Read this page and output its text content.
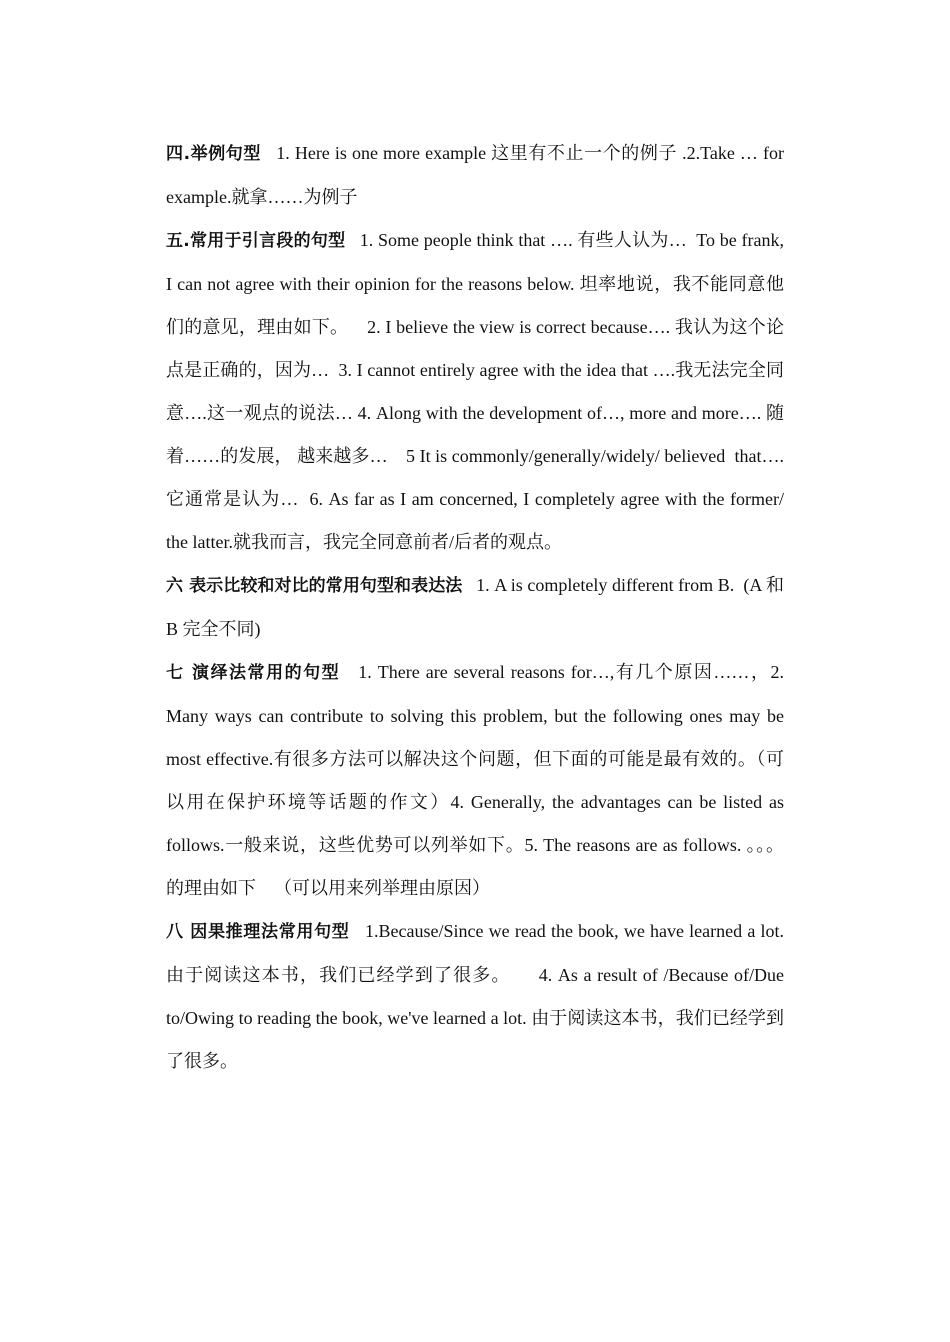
四.举例句型   1. Here is one more example 这里有不止一个的例子 .2.Take … for example.就拿……为例子

五.常用于引言段的句型   1. Some people think that …. 有些人认为…  To be frank, I can not agree with their opinion for the reasons below. 坦率地说，我不能同意他们的意见，理由如下。    2. I believe the view is correct because…. 我认为这个论点是正确的，因为…  3. I cannot entirely agree with the idea that ….我无法完全同意….这一观点的说法… 4. Along with the development of…, more and more…. 随着……的发展， 越来越多…    5 It is commonly/generally/widely/ believed  that….它通常是认为…  6. As far as I am concerned, I completely agree with the former/ the latter.就我而言，我完全同意前者/后者的观点。

六 表示比较和对比的常用句型和表达法   1. A is completely different from B.  (A 和 B 完全不同)

七 演绎法常用的句型   1. There are several reasons for…,有几个原因……，2. Many ways can contribute to solving this problem, but the following ones may be most effective.有很多方法可以解决这个问题，但下面的可能是最有效的。（可以用在保护环境等话题的作文）4. Generally, the advantages can be listed as follows.一般来说，这些优势可以列举如下。5. The reasons are as follows. 。。。的理由如下    （可以用来列举理由原因）

八 因果推理法常用句型   1.Because/Since we read the book, we have learned a lot.  由于阅读这本书，我们已经学到了很多。     4. As a result of /Because of/Due to/Owing to reading the book, we've learned a lot. 由于阅读这本书，我们已经学到了很多。
